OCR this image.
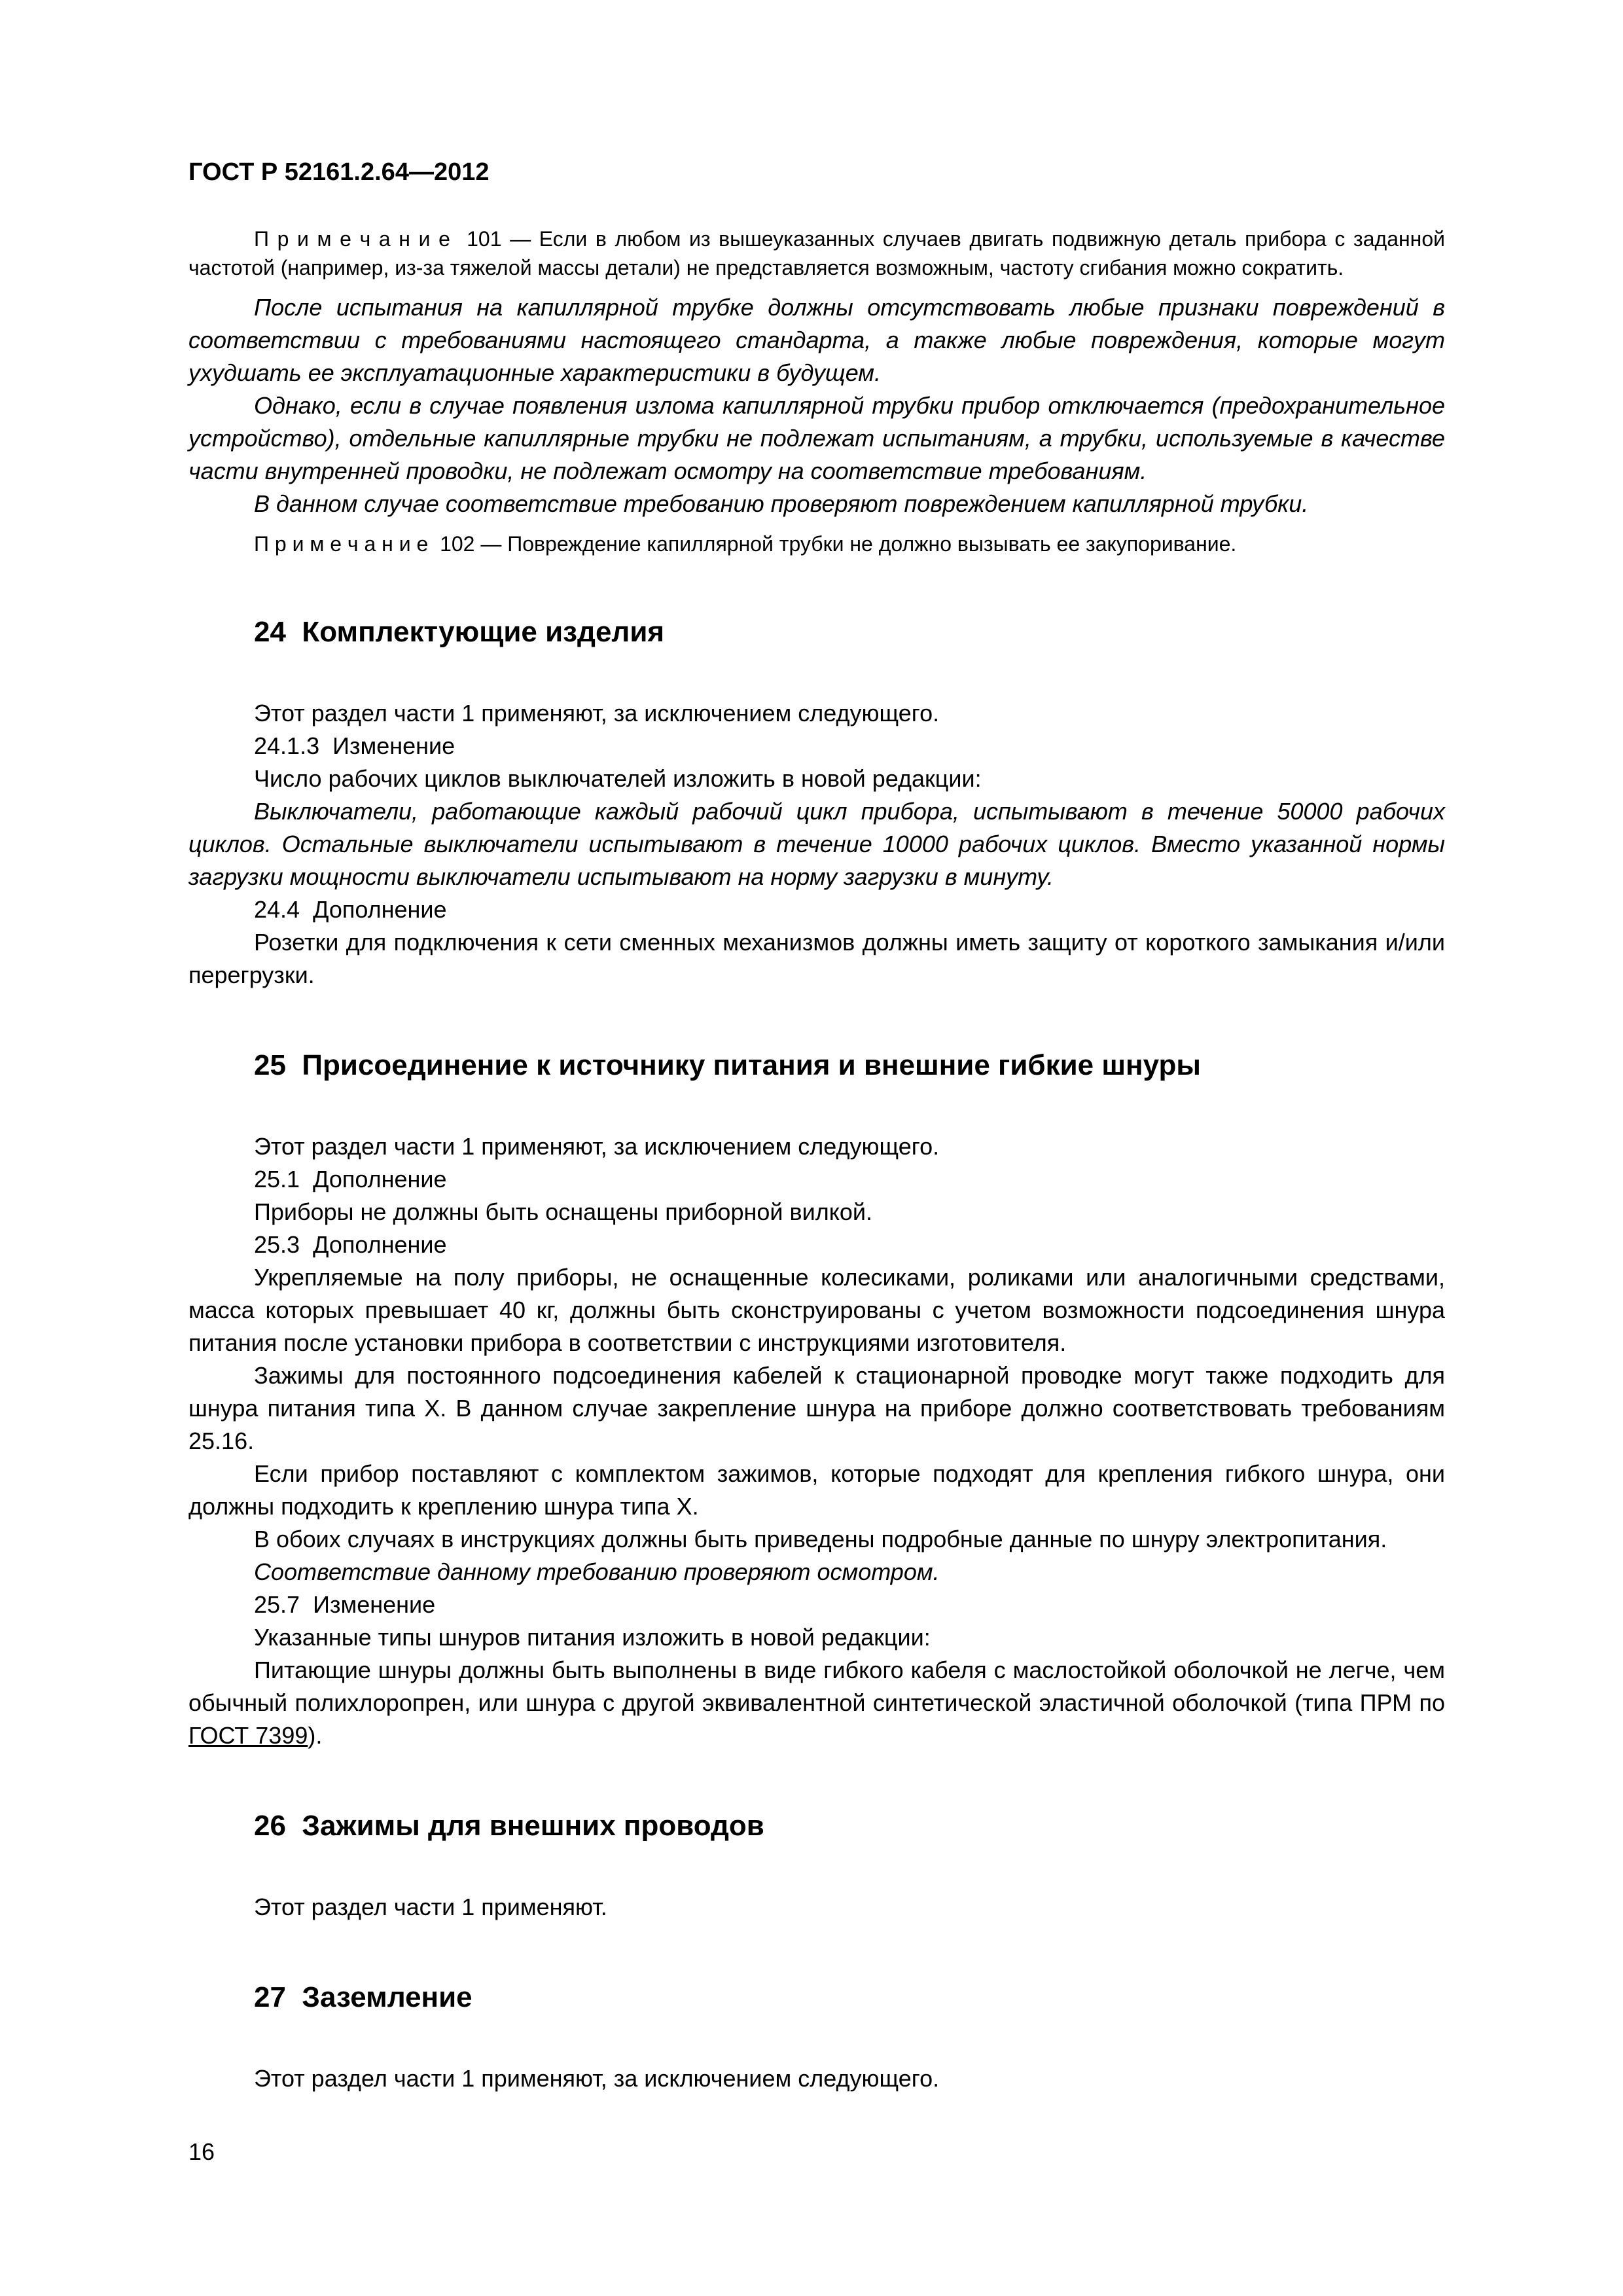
ГОСТ Р 52161.2.64—2012

П р и м е ч а н и е  101 — Если в любом из вышеуказанных случаев двигать подвижную деталь прибора с заданной частотой (например, из-за тяжелой массы детали) не представляется возможным, частоту сгибания можно сократить.

После испытания на капиллярной трубке должны отсутствовать любые признаки повреждений в соответствии с требованиями настоящего стандарта, а также любые повреждения, которые могут ухудшать ее эксплуатационные характеристики в будущем.

Однако, если в случае появления излома капиллярной трубки прибор отключается (предохранительное устройство), отдельные капиллярные трубки не подлежат испытаниям, а трубки, используемые в качестве части внутренней проводки, не подлежат осмотру на соответствие требованиям.

В данном случае соответствие требованию проверяют повреждением капиллярной трубки.

П р и м е ч а н и е  102 — Повреждение капиллярной трубки не должно вызывать ее закупоривание.

24  Комплектующие изделия

Этот раздел части 1 применяют, за исключением следующего.

24.1.3  Изменение

Число рабочих циклов выключателей изложить в новой редакции:

Выключатели, работающие каждый рабочий цикл прибора, испытывают в течение 50000 рабочих циклов. Остальные выключатели испытывают в течение 10000 рабочих циклов. Вместо указанной нормы загрузки мощности выключатели испытывают на норму загрузки в минуту.

24.4  Дополнение

Розетки для подключения к сети сменных механизмов должны иметь защиту от короткого замыкания и/или перегрузки.

25  Присоединение к источнику питания и внешние гибкие шнуры

Этот раздел части 1 применяют, за исключением следующего.

25.1  Дополнение

Приборы не должны быть оснащены приборной вилкой.

25.3  Дополнение

Укрепляемые на полу приборы, не оснащенные колесиками, роликами или аналогичными средствами, масса которых превышает 40 кг, должны быть сконструированы с учетом возможности подсоединения шнура питания после установки прибора в соответствии с инструкциями изготовителя.

Зажимы для постоянного подсоединения кабелей к стационарной проводке могут также подходить для шнура питания типа X. В данном случае закрепление шнура на приборе должно соответствовать требованиям 25.16.

Если прибор поставляют с комплектом зажимов, которые подходят для крепления гибкого шнура, они должны подходить к креплению шнура типа X.

В обоих случаях в инструкциях должны быть приведены подробные данные по шнуру электропитания.

Соответствие данному требованию проверяют осмотром.

25.7  Изменение

Указанные типы шнуров питания изложить в новой редакции:

Питающие шнуры должны быть выполнены в виде гибкого кабеля с маслостойкой оболочкой не легче, чем обычный полихлоропрен, или шнура с другой эквивалентной синтетической эластичной оболочкой (типа ПРМ по ГОСТ 7399).

26  Зажимы для внешних проводов

Этот раздел части 1 применяют.

27  Заземление

Этот раздел части 1 применяют, за исключением следующего.

16
